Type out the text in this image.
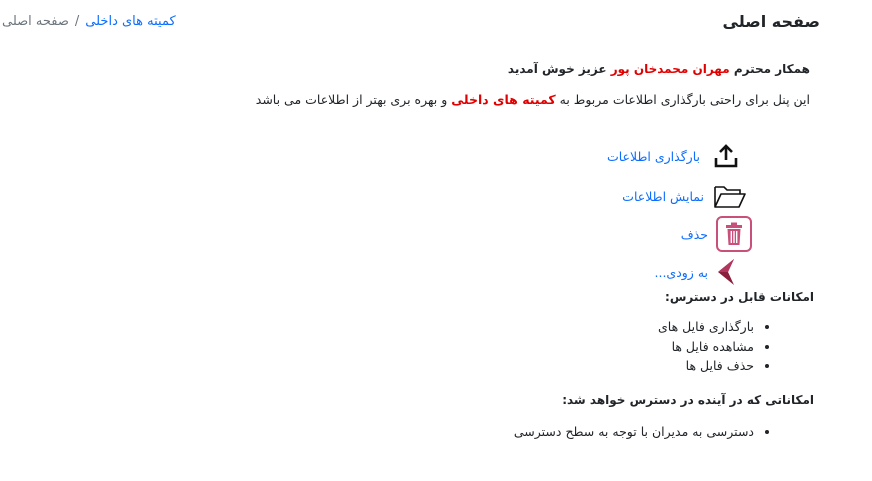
صفحه اصلی
کمیته های داخلی/صفحه اصلی
همکار محترم مهران محمدخان پور عزیز خوش آمدید
این پنل برای راحتی بارگذاری اطلاعات مربوط به کمیته های داخلی و بهره بری بهتر از اطلاعات می باشد
بارگذاری اطلاعات
نمایش اطلاعات
حذف
به زودی...
امکانات قابل در دسترس:
• بارگذاری فایل های
• مشاهده فایل ها
• حذف فایل ها
امکاناتی که در آینده در دسترس خواهد شد:
• دسترسی به مدیران با توجه به سطح دسترسی
